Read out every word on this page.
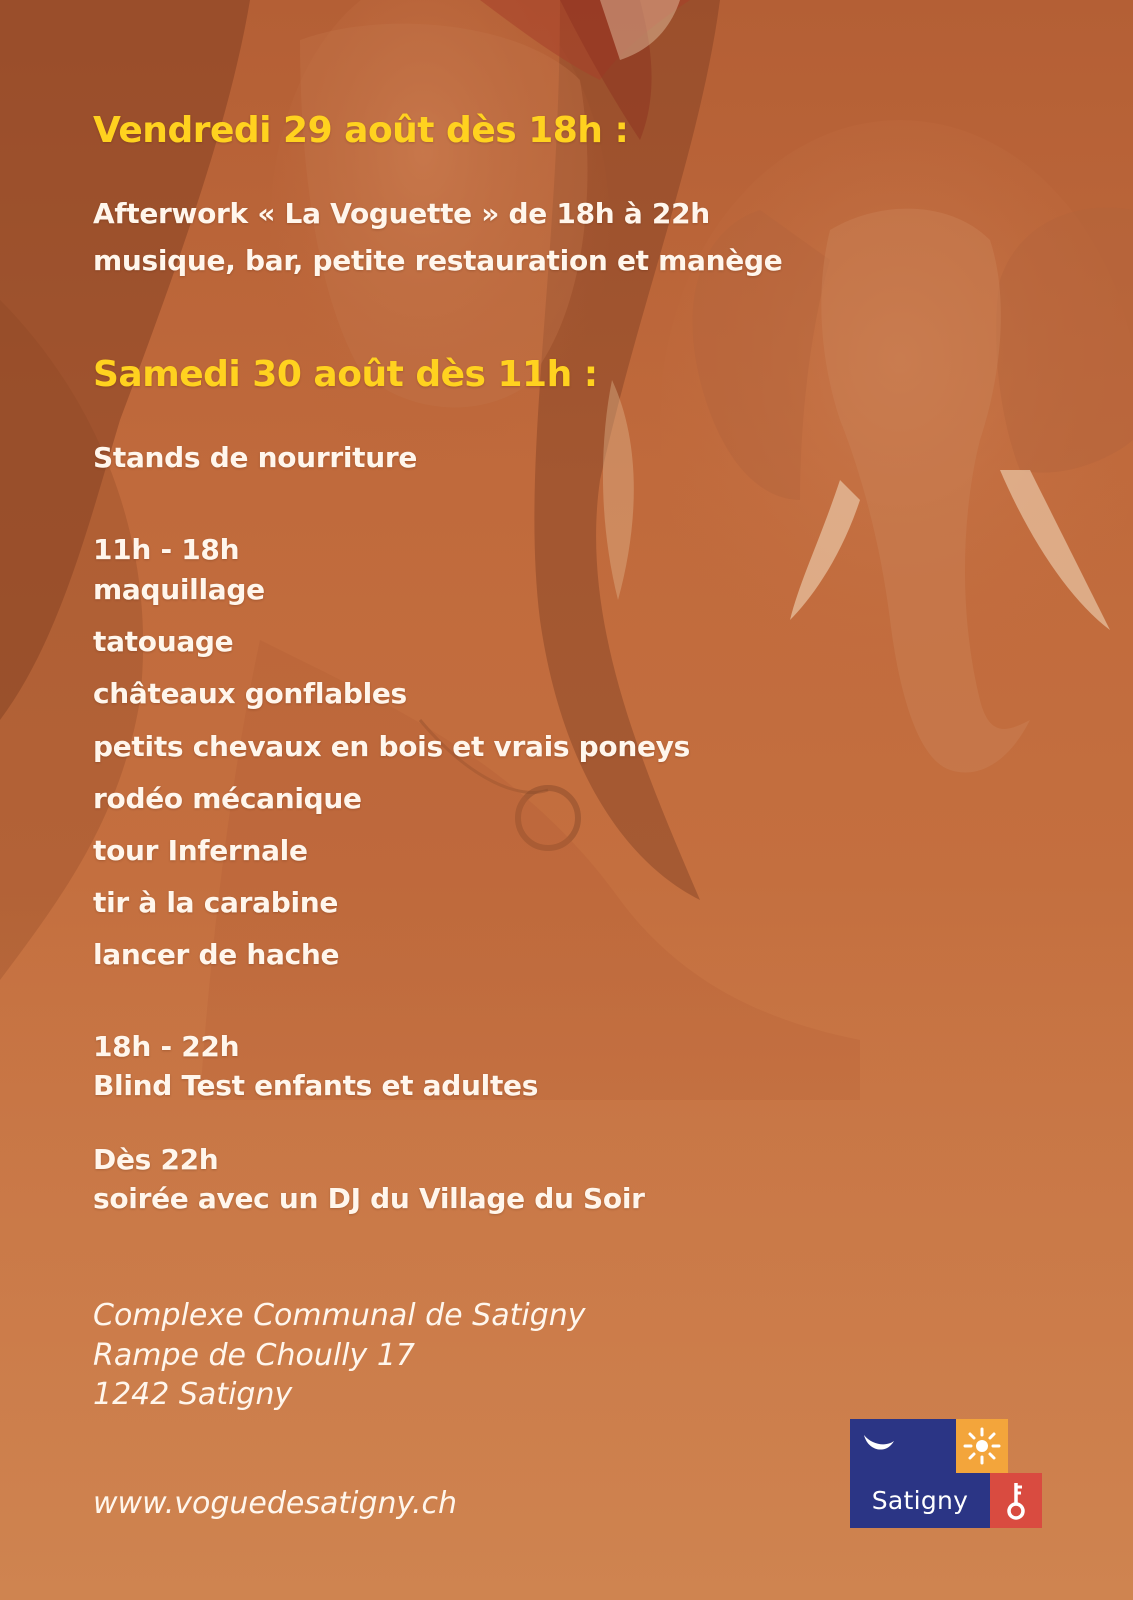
Vendredi 29 août dès 18h :
Afterwork « La Voguette » de 18h à 22h
musique, bar, petite restauration et manège
Samedi 30 août dès 11h :
Stands de nourriture
11h - 18h
maquillage
tatouage
châteaux gonflables
petits chevaux en bois et vrais poneys
rodéo mécanique
tour Infernale
tir à la carabine
lancer de hache
18h - 22h
Blind Test enfants et adultes
Dès 22h
soirée avec un DJ du Village du Soir
Complexe Communal de Satigny
Rampe de Choully 17
1242 Satigny
www.voguedesatigny.ch	Satigny
